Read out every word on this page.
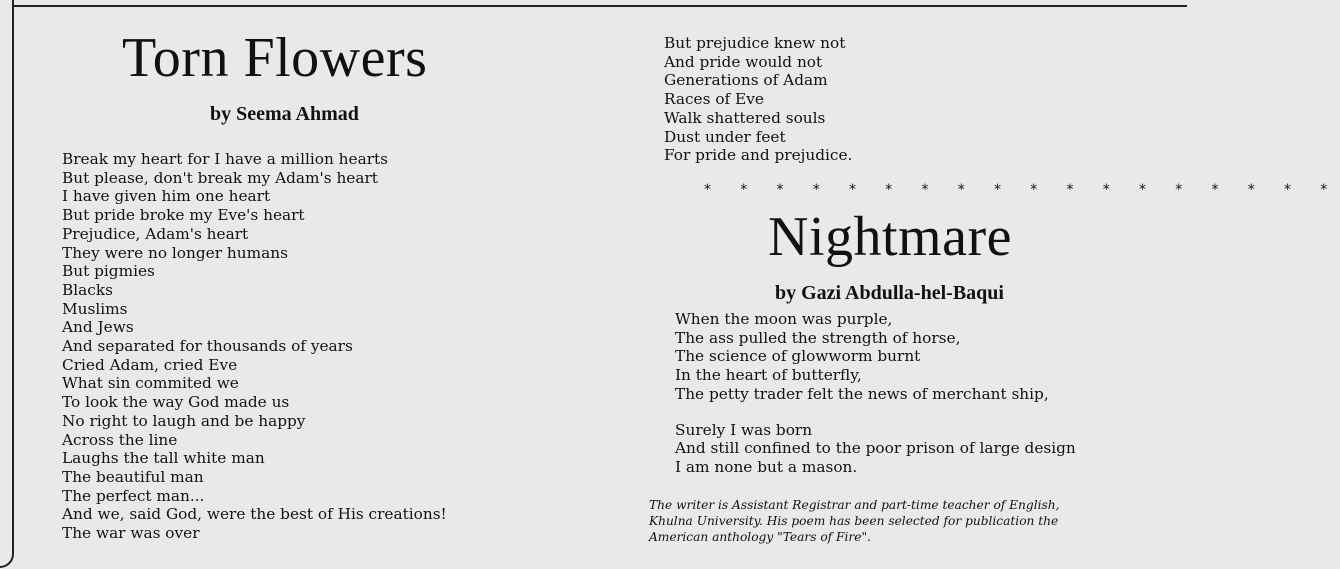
Torn Flowers
by Seema Ahmad
Break my heart for I have a million hearts
But please, don't break my Adam's heart
I have given him one heart
But pride broke my Eve's heart
Prejudice, Adam's heart
They were no longer humans
But pigmies
Blacks
Muslims
And Jews
And separated for thousands of years
Cried Adam, cried Eve
What sin commited we
To look the way God made us
No right to laugh and be happy
Across the line
Laughs the tall white man
The beautiful man
The perfect man...
And we, said God, were the best of His creations!
The war was over
But prejudice knew not
And pride would not
Generations of Adam
Races of Eve
Walk shattered souls
Dust under feet
For pride and prejudice.
* * * * * * * * * * * * * * * * * *
Nightmare
by Gazi Abdulla-hel-Baqui
When the moon was purple,
The ass pulled the strength of horse,
The science of glowworm burnt
In the heart of butterfly,
The petty trader felt the news of merchant ship,
Surely I was born
And still confined to the poor prison of large design
I am none but a mason.
The writer is Assistant Registrar and part-time teacher of English,
Khulna University. His poem has been selected for publication the
American anthology "Tears of Fire".
